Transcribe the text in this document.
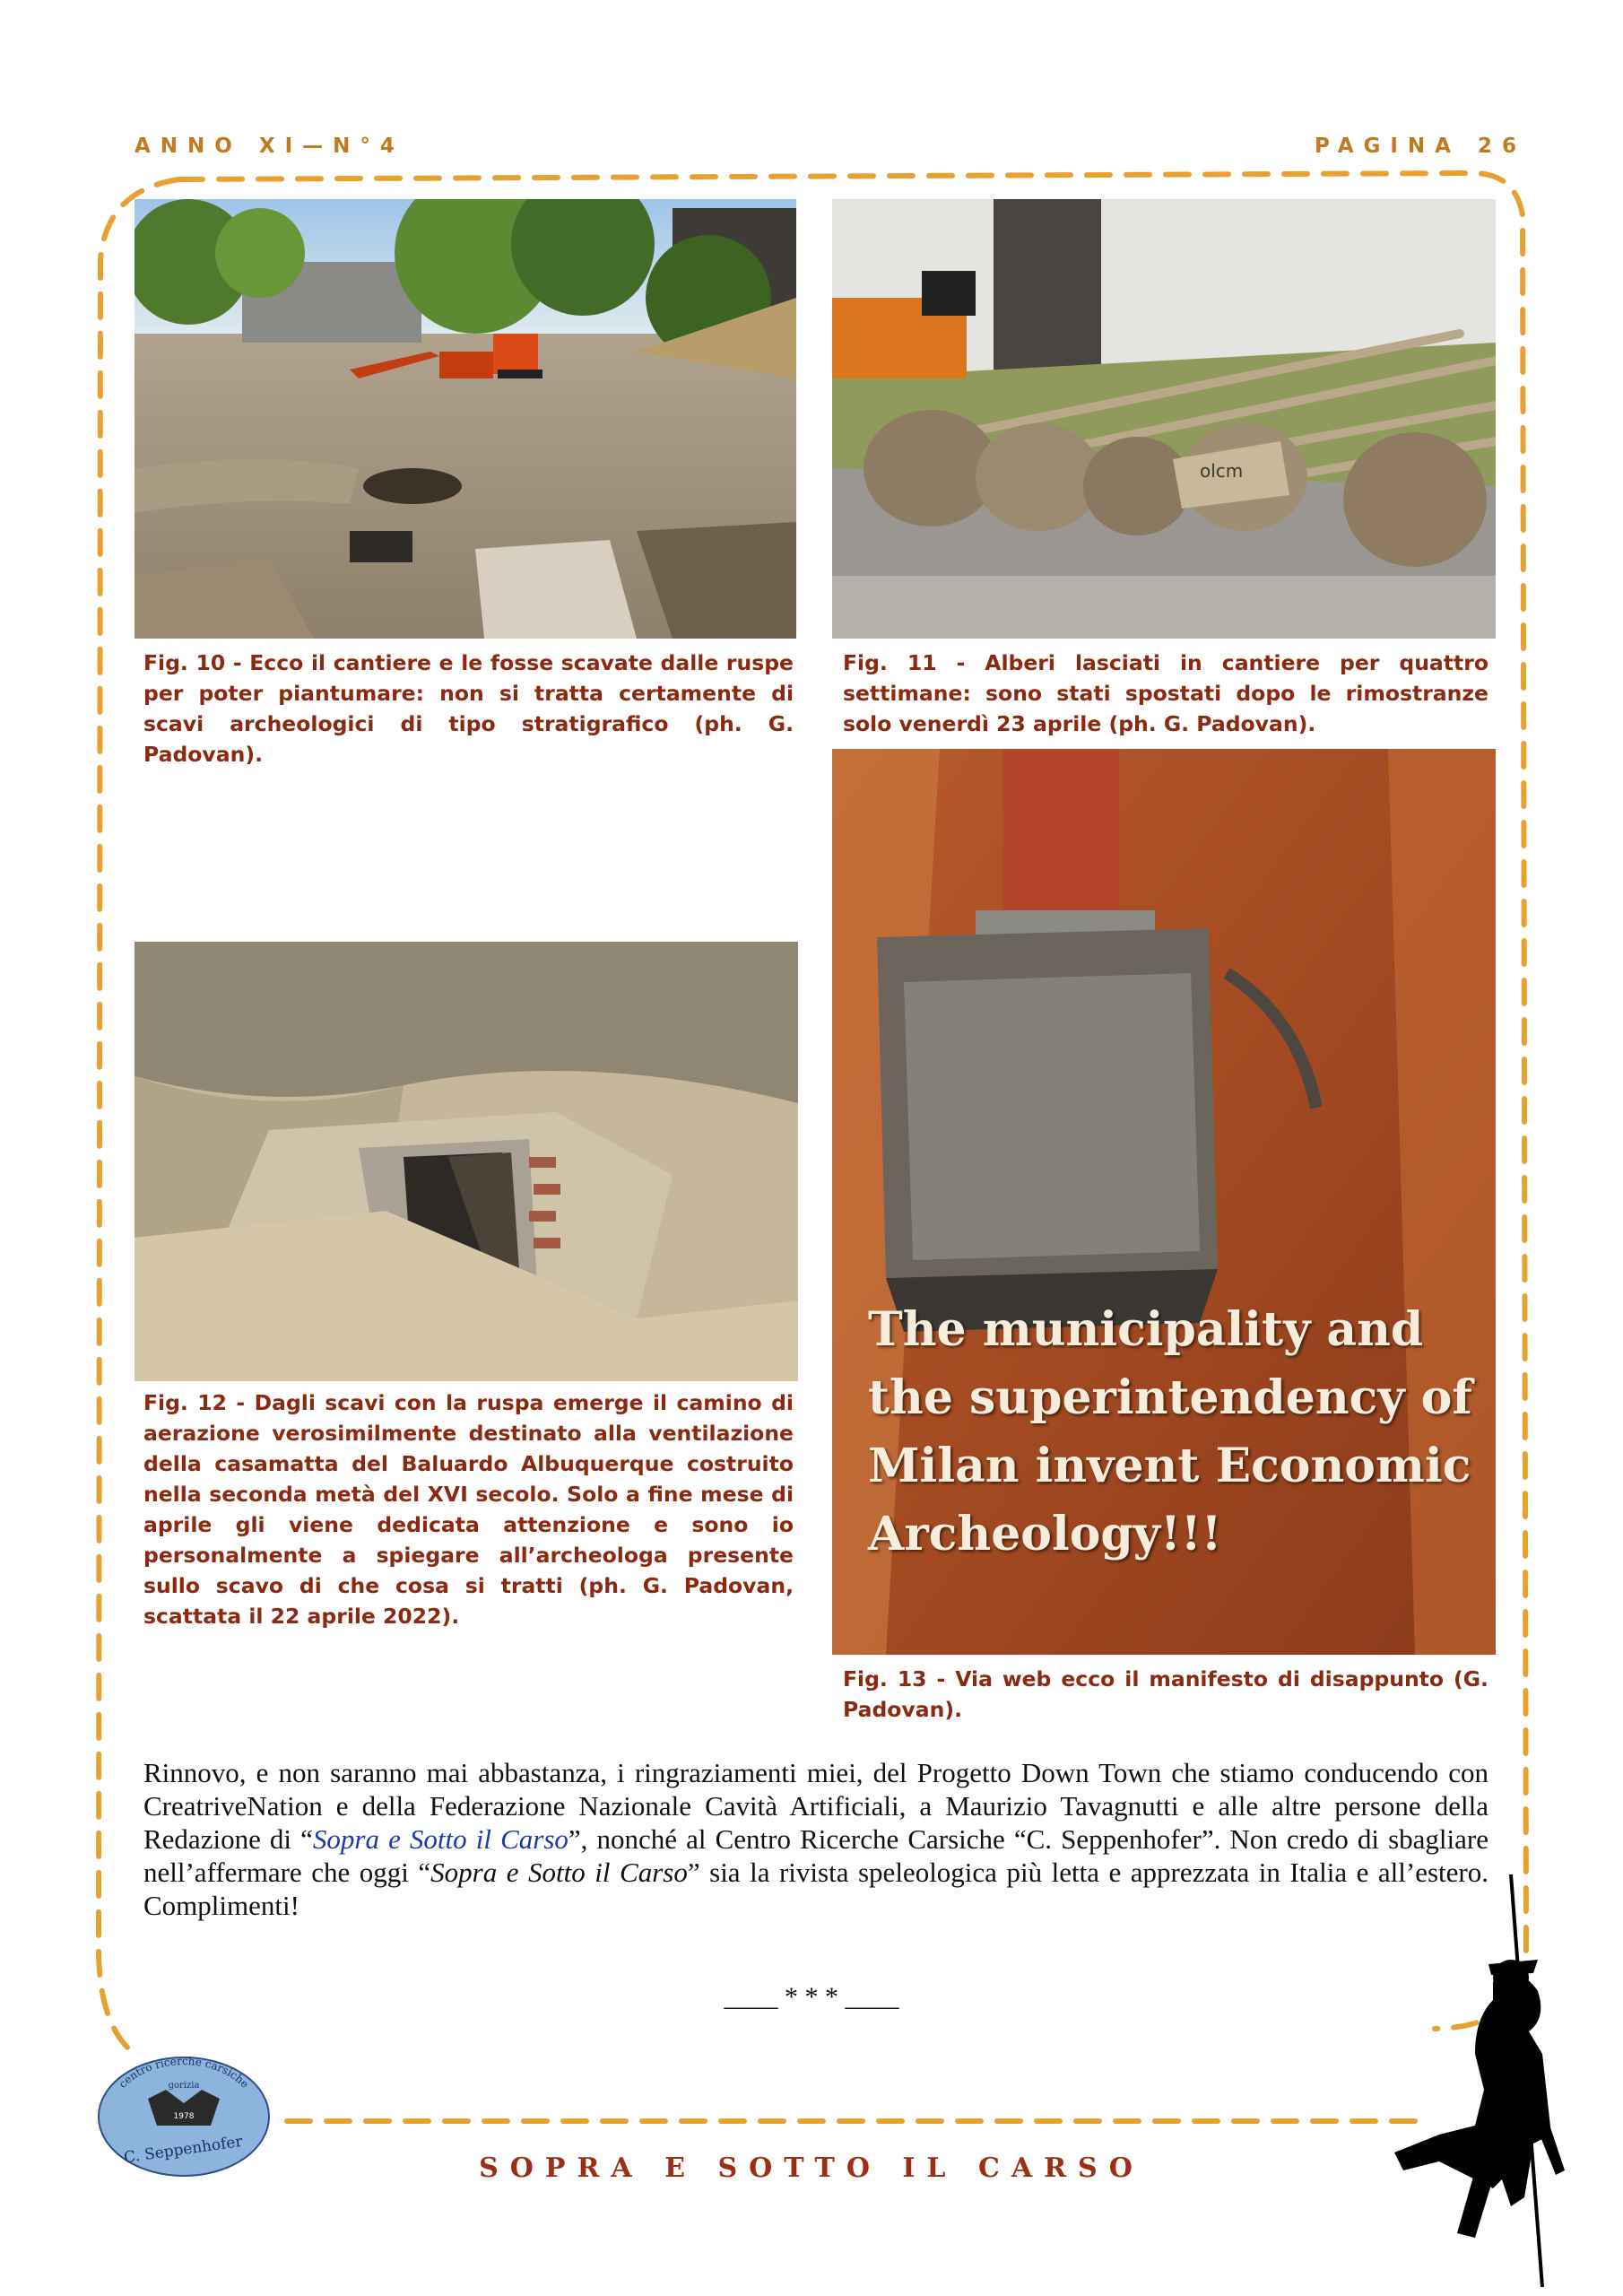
ANNO XI—N°4	PAGINA 26
olcm
Fig. 10 - Ecco il cantiere e le fosse scavate dalle ruspe per poter piantumare: non si tratta certamente di scavi archeologici di tipo stratigrafico (ph. G. Padovan).
Fig. 11 - Alberi lasciati in cantiere per quattro settimane: sono stati spostati dopo le rimostranze solo venerdì 23 aprile (ph. G. Padovan).
Fig. 12 - Dagli scavi con la ruspa emerge il camino di aerazione verosimilmente destinato alla ventilazione della casamatta del Baluardo Albuquerque costruito nella seconda metà del XVI secolo. Solo a fine mese di aprile gli viene dedicata attenzione e sono io personalmente a spiegare all’archeologa presente sullo scavo di che cosa si tratti (ph. G. Padovan, scattata il 22 aprile 2022).
The municipality and the superintendency of Milan invent Economic Archeology!!!
Fig. 13 - Via web ecco il manifesto di disappunto (G. Padovan).
Rinnovo, e non saranno mai abbastanza, i ringraziamenti miei, del Progetto Down Town che stiamo conducendo con CreatriveNation e della Federazione Nazionale Cavità Artificiali, a Maurizio Tavagnutti e alle altre persone della Redazione di “Sopra e Sotto il Carso”, nonché al Centro Ricerche Carsiche “C. Seppenhofer”. Non credo di sbagliare nell’affermare che oggi “Sopra e Sotto il Carso” sia la rivista speleologica più letta e apprezzata in Italia e all’estero. Complimenti!
____ * * * ____
SOPRA E SOTTO IL CARSO
centro ricerche carsiche
gorizia
1978
C. Seppenhofer
